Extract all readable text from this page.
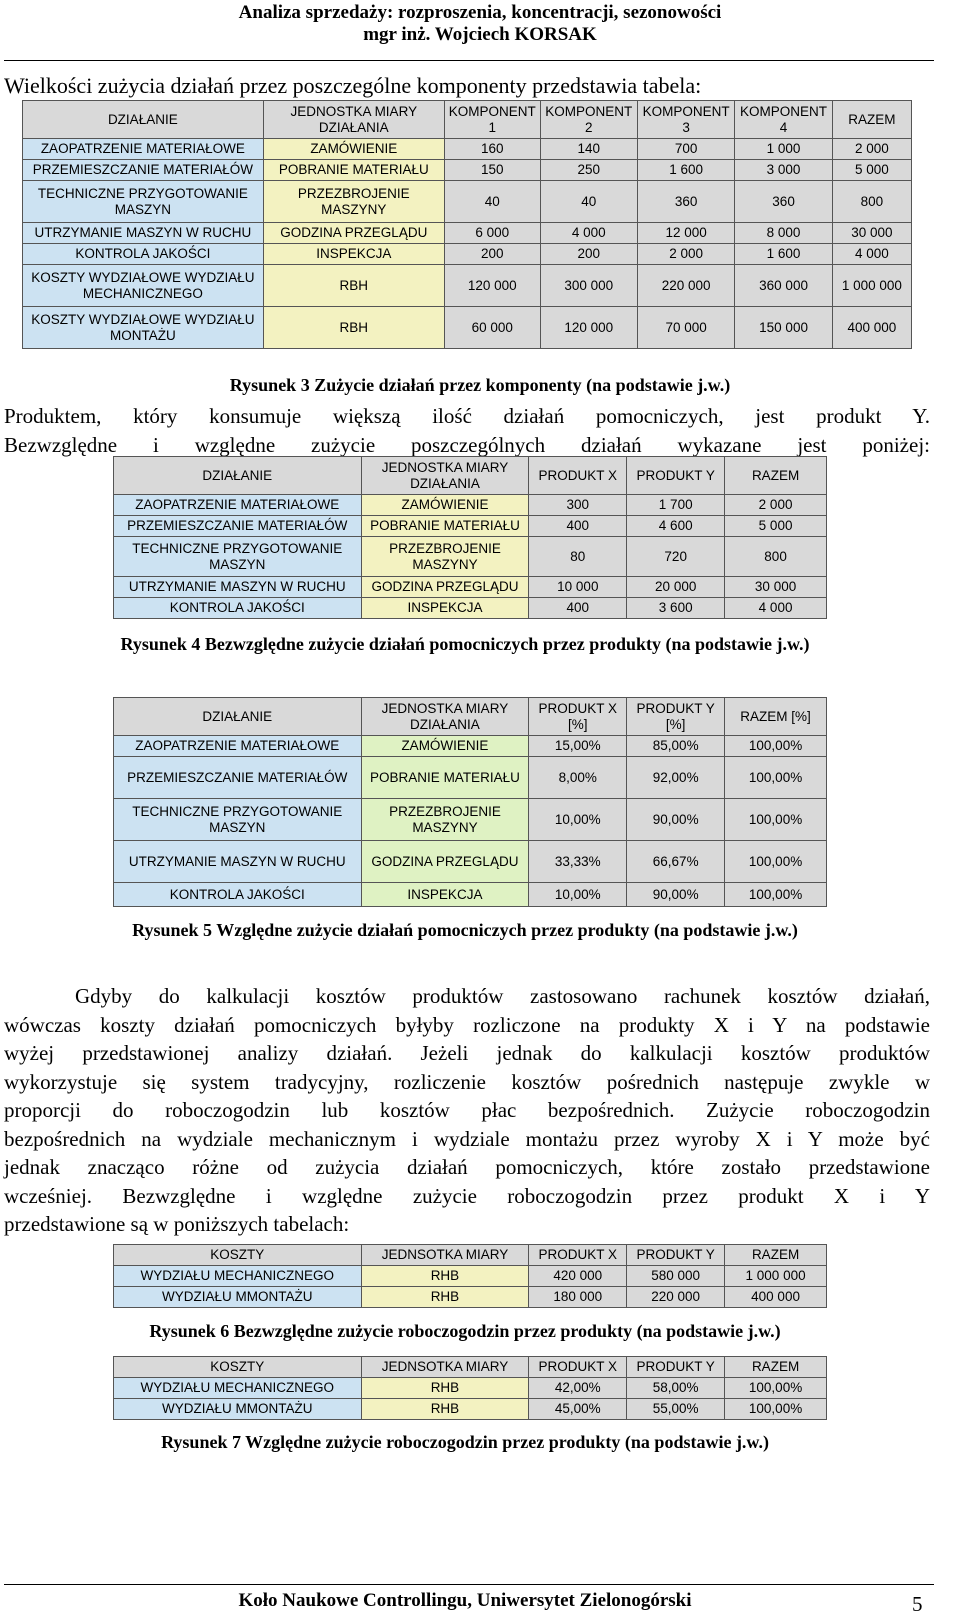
Analiza sprzedaży: rozproszenia, koncentracji, sezonowości
mgr inż. Wojciech KORSAK
Wielkości zużycia działań przez poszczególne komponenty przedstawia tabela:
DZIAŁANIE	JEDNOSTKA MIARY DZIAŁANIA	KOMPONENT 1	KOMPONENT 2	KOMPONENT 3	KOMPONENT 4	RAZEM
ZAOPATRZENIE MATERIAŁOWE	ZAMÓWIENIE	160	140	700	1 000	2 000
PRZEMIESZCZANIE MATERIAŁÓW	POBRANIE MATERIAŁU	150	250	1 600	3 000	5 000
TECHNICZNE PRZYGOTOWANIE MASZYN	PRZEZBROJENIE MASZYNY	40	40	360	360	800
UTRZYMANIE MASZYN W RUCHU	GODZINA PRZEGLĄDU	6 000	4 000	12 000	8 000	30 000
KONTROLA JAKOŚCI	INSPEKCJA	200	200	2 000	1 600	4 000
KOSZTY WYDZIAŁOWE WYDZIAŁU MECHANICZNEGO	RBH	120 000	300 000	220 000	360 000	1 000 000
KOSZTY WYDZIAŁOWE WYDZIAŁU MONTAŻU	RBH	60 000	120 000	70 000	150 000	400 000
Rysunek 3 Zużycie działań przez komponenty (na podstawie j.w.)
Produktem, który konsumuje większą ilość działań pomocniczych, jest produkt Y.
Bezwzględne i względne zużycie poszczególnych działań wykazane jest poniżej:
DZIAŁANIE	JEDNOSTKA MIARY DZIAŁANIA	PRODUKT X	PRODUKT Y	RAZEM
ZAOPATRZENIE MATERIAŁOWE	ZAMÓWIENIE	300	1 700	2 000
PRZEMIESZCZANIE MATERIAŁÓW	POBRANIE MATERIAŁU	400	4 600	5 000
TECHNICZNE PRZYGOTOWANIE MASZYN	PRZEZBROJENIE MASZYNY	80	720	800
UTRZYMANIE MASZYN W RUCHU	GODZINA PRZEGLĄDU	10 000	20 000	30 000
KONTROLA JAKOŚCI	INSPEKCJA	400	3 600	4 000
Rysunek 4 Bezwzględne zużycie działań pomocniczych przez produkty (na podstawie j.w.)
DZIAŁANIE	JEDNOSTKA MIARY DZIAŁANIA	PRODUKT X [%]	PRODUKT Y [%]	RAZEM [%]
ZAOPATRZENIE MATERIAŁOWE	ZAMÓWIENIE	15,00%	85,00%	100,00%
PRZEMIESZCZANIE MATERIAŁÓW	POBRANIE MATERIAŁU	8,00%	92,00%	100,00%
TECHNICZNE PRZYGOTOWANIE MASZYN	PRZEZBROJENIE MASZYNY	10,00%	90,00%	100,00%
UTRZYMANIE MASZYN W RUCHU	GODZINA PRZEGLĄDU	33,33%	66,67%	100,00%
KONTROLA JAKOŚCI	INSPEKCJA	10,00%	90,00%	100,00%
Rysunek 5 Względne zużycie działań pomocniczych przez produkty (na podstawie j.w.)
Gdyby do kalkulacji kosztów produktów zastosowano rachunek kosztów działań,
wówczas koszty działań pomocniczych byłyby rozliczone na produkty X i Y na podstawie
wyżej przedstawionej analizy działań. Jeżeli jednak do kalkulacji kosztów produktów
wykorzystuje się system tradycyjny, rozliczenie kosztów pośrednich następuje zwykle w
proporcji do roboczogodzin lub kosztów płac bezpośrednich. Zużycie roboczogodzin
bezpośrednich na wydziale mechanicznym i wydziale montażu przez wyroby X i Y może być
jednak znacząco różne od zużycia działań pomocniczych, które zostało przedstawione
wcześniej. Bezwzględne i względne zużycie roboczogodzin przez produkt X i Y
przedstawione są w poniższych tabelach:
KOSZTY	JEDNSOTKA MIARY	PRODUKT X	PRODUKT Y	RAZEM
WYDZIAŁU MECHANICZNEGO	RHB	420 000	580 000	1 000 000
WYDZIAŁU MMONTAŻU	RHB	180 000	220 000	400 000
Rysunek 6 Bezwzględne zużycie roboczogodzin przez produkty (na podstawie j.w.)
KOSZTY	JEDNSOTKA MIARY	PRODUKT X	PRODUKT Y	RAZEM
WYDZIAŁU MECHANICZNEGO	RHB	42,00%	58,00%	100,00%
WYDZIAŁU MMONTAŻU	RHB	45,00%	55,00%	100,00%
Rysunek 7 Względne zużycie roboczogodzin przez produkty (na podstawie j.w.)
Koło Naukowe Controllingu, Uniwersytet Zielonogórski	5
